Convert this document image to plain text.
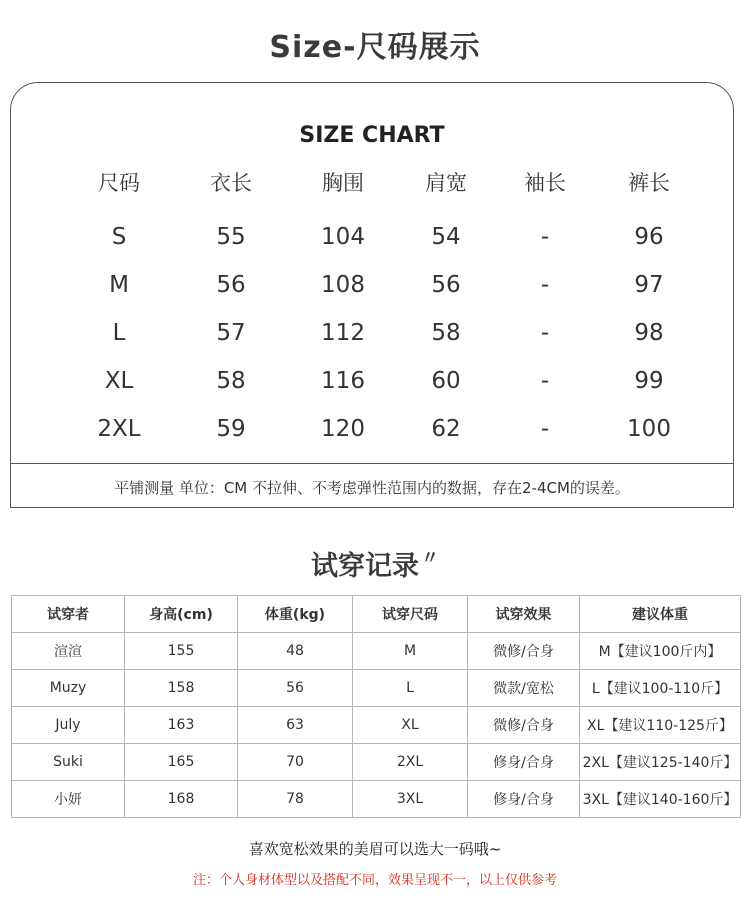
Size-尺码展示
SIZE CHART
尺码	衣长	胸围	肩宽	袖长	裤长
S	55	104	54	-	96
M	56	108	56	-	97
L	57	112	58	-	98
XL	58	116	60	-	99
2XL	59	120	62	-	100
平铺测量 单位：CM 不拉伸、不考虑弹性范围内的数据，存在2-4CM的误差。
试穿记录 〃
试穿者	身高(cm)	体重(kg)	试穿尺码	试穿效果	建议体重
渲渲	155	48	M	微修/合身	M【建议100斤内】
Muzy	158	56	L	微款/宽松	L【建议100-110斤】
July	163	63	XL	微修/合身	XL【建议110-125斤】
Suki	165	70	2XL	修身/合身	2XL【建议125-140斤】
小妍	168	78	3XL	修身/合身	3XL【建议140-160斤】
喜欢宽松效果的美眉可以选大一码哦~
注：个人身材体型以及搭配不同，效果呈现不一，以上仅供参考
